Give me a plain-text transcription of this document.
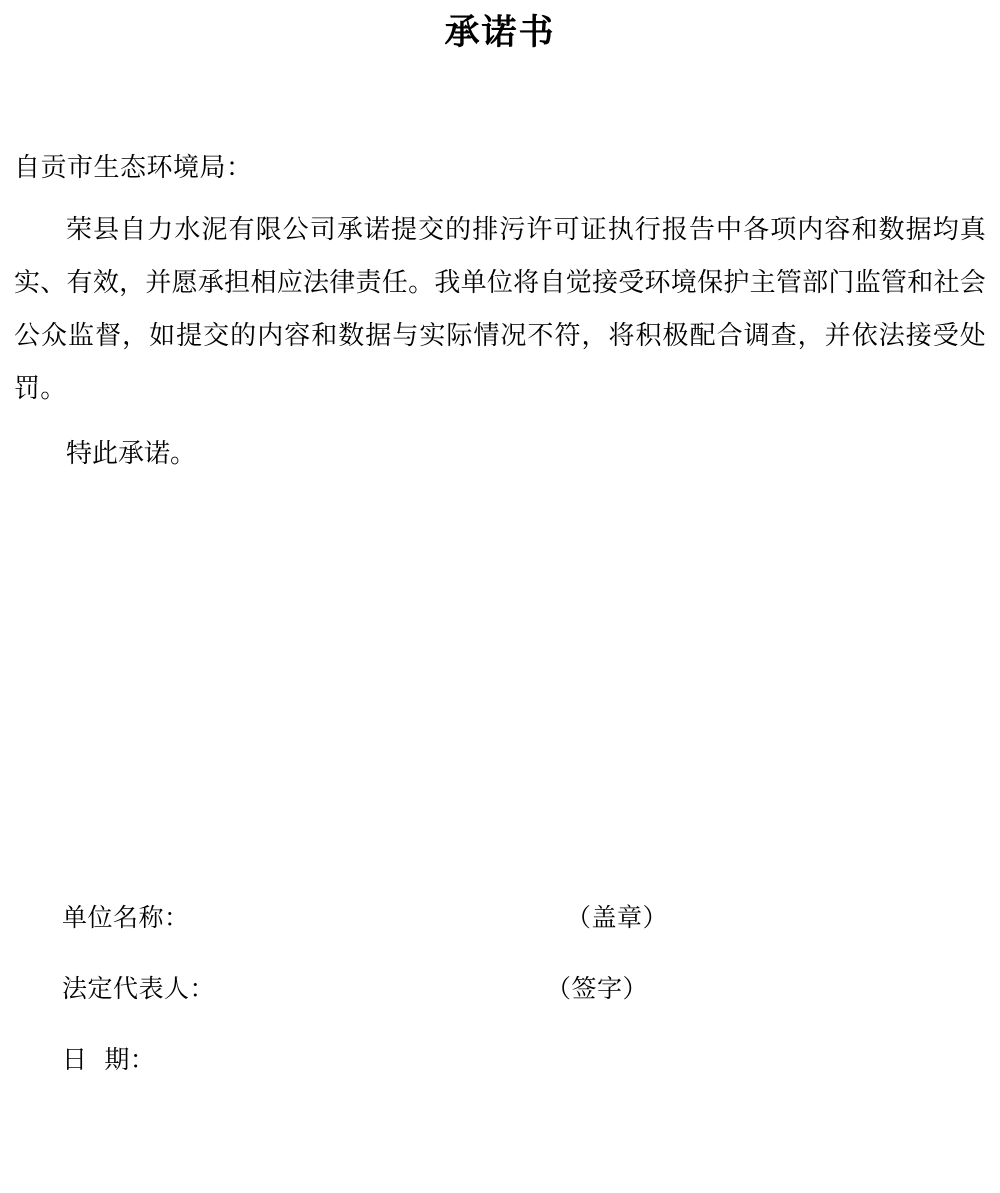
承诺书
自贡市生态环境局：
荣县自力水泥有限公司承诺提交的排污许可证执行报告中各项内容和数据均真实、有效，并愿承担相应法律责任。我单位将自觉接受环境保护主管部门监管和社会公众监督，如提交的内容和数据与实际情况不符，将积极配合调查，并依法接受处罚。
特此承诺。
单位名称：	（盖章）
法定代表人：	（签字）
日  期：
